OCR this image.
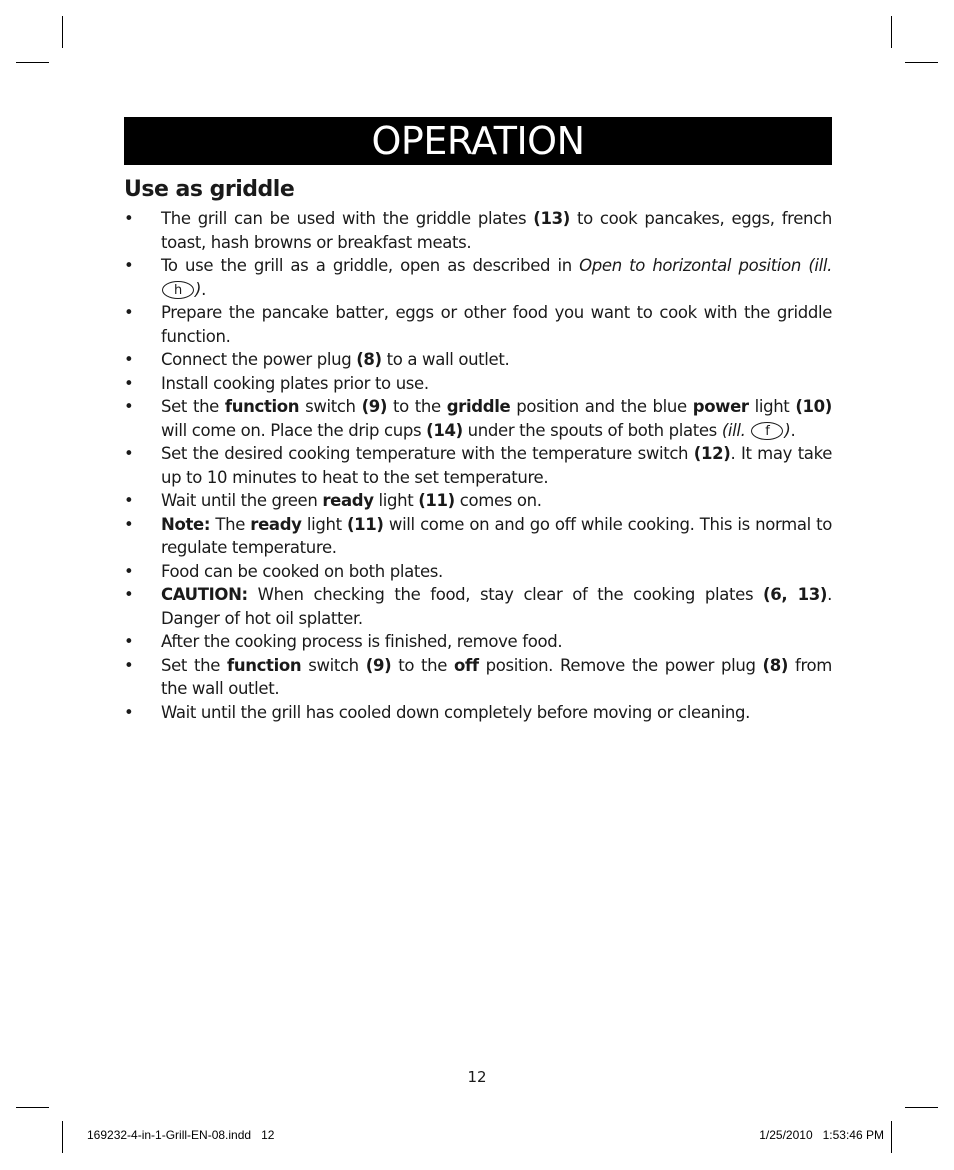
OPERATION
Use as griddle
• The grill can be used with the griddle plates (13) to cook pancakes, eggs, french toast, hash browns or breakfast meats.
• To use the grill as a griddle, open as described in Open to horizontal position (ill. h ).
• Prepare the pancake batter, eggs or other food you want to cook with the griddle function.
• Connect the power plug (8) to a wall outlet.
• Install cooking plates prior to use.
• Set the function switch (9) to the griddle position and the blue power light (10) will come on. Place the drip cups (14) under the spouts of both plates (ill. f ).
• Set the desired cooking temperature with the temperature switch (12). It may take up to 10 minutes to heat to the set temperature.
• Wait until the green ready light (11) comes on.
• Note: The ready light (11) will come on and go off while cooking. This is normal to regulate temperature.
• Food can be cooked on both plates.
• CAUTION: When checking the food, stay clear of the cooking plates (6, 13). Danger of hot oil splatter.
• After the cooking process is finished, remove food.
• Set the function switch (9) to the off position. Remove the power plug (8) from the wall outlet.
• Wait until the grill has cooled down completely before moving or cleaning.
12
169232-4-in-1-Grill-EN-08.indd   12	1/25/2010   1:53:46 PM
